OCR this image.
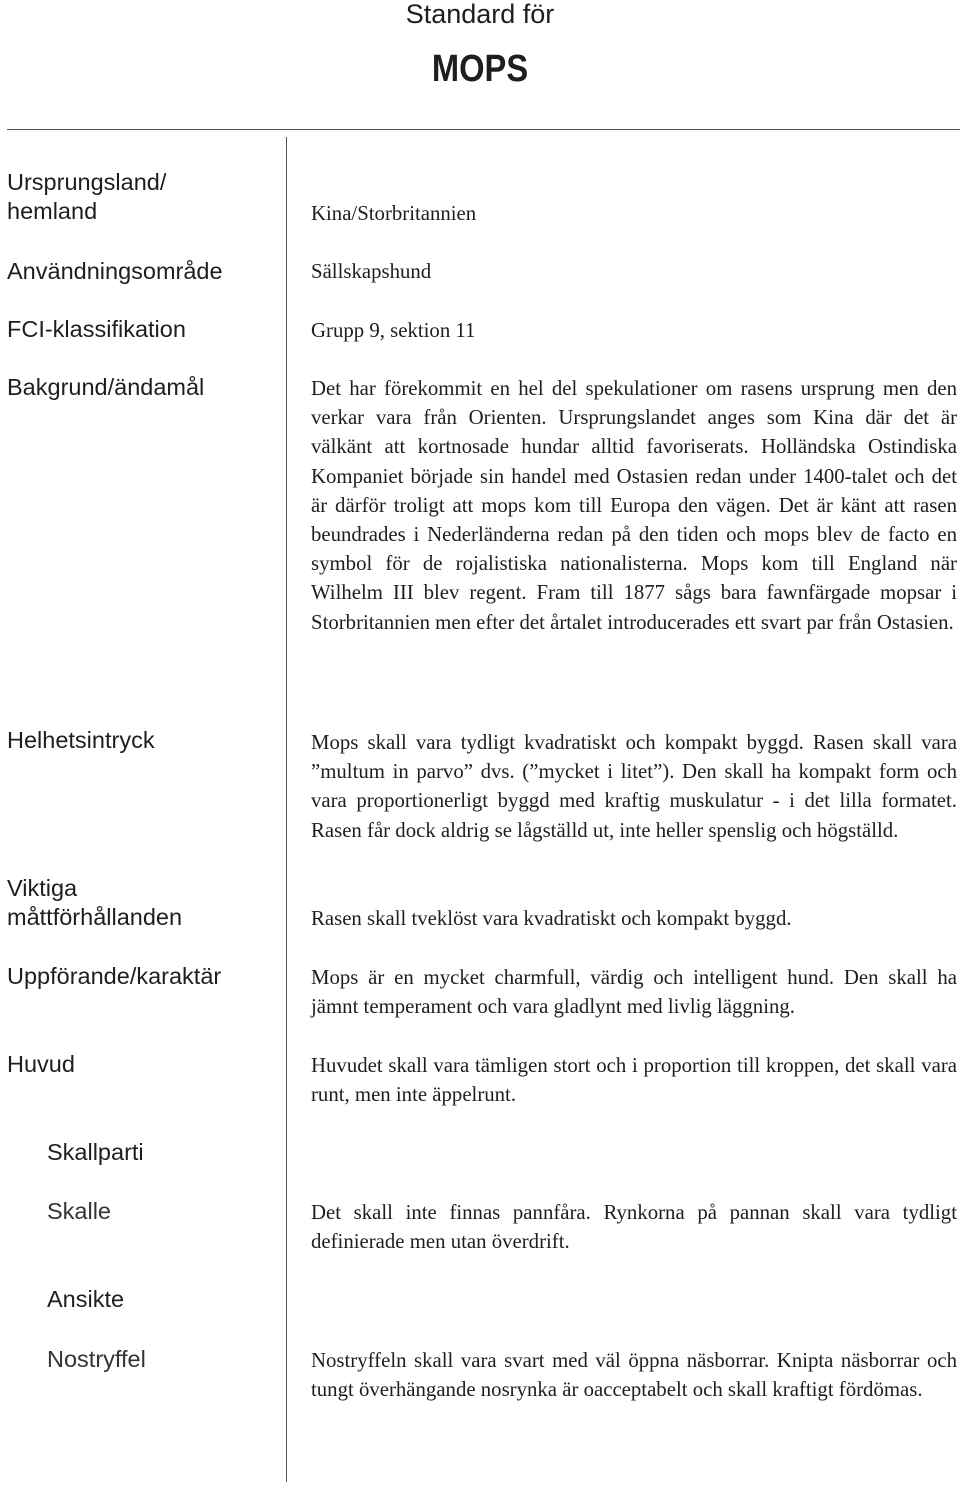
Standard för
MOPS
Ursprungsland/
hemland
Användningsområde
FCI-klassifikation
Bakgrund/ändamål
Helhetsintryck
Viktiga
måttförhållanden
Uppförande/karaktär
Huvud
Skallparti
Skalle
Ansikte
Nostryffel
Kina/Storbritannien
Sällskapshund
Grupp 9, sektion 11
Det har förekommit en hel del spekulationer om rasens ursprung men den verkar vara från Orienten. Ursprungslandet anges som Kina där det är välkänt att kortnosade hundar alltid favoriserats. Holländska Ostindiska Kompaniet började sin handel med Ostasien redan under 1400-talet och det är därför troligt att mops kom till Europa den vägen. Det är känt att rasen beundrades i Nederländerna redan på den tiden och mops blev de facto en symbol för de rojalistiska nationalisterna. Mops kom till England när Wilhelm III blev regent. Fram till 1877 sågs bara fawnfärgade mopsar i Storbritannien men efter det årtalet introducerades ett svart par från Ostasien.
Mops skall vara tydligt kvadratiskt och kompakt byggd. Rasen skall vara ”multum in parvo” dvs. (”mycket i litet”). Den skall ha kompakt form och vara proportionerligt byggd med kraftig muskulatur - i det lilla formatet. Rasen får dock aldrig se lågställd ut, inte heller spenslig och högställd.
Rasen skall tveklöst vara kvadratiskt och kompakt byggd.
Mops är en mycket charmfull, värdig och intelligent hund. Den skall ha jämnt temperament och vara gladlynt med livlig läggning.
Huvudet skall vara tämligen stort och i proportion till kroppen, det skall vara runt, men inte äppelrunt.
Det skall inte finnas pannfåra. Rynkorna på pannan skall vara tydligt definierade men utan överdrift.
Nostryffeln skall vara svart med väl öppna näsborrar. Knipta näsborrar och tungt överhängande nosrynka är oacceptabelt och skall kraftigt fördömas.
